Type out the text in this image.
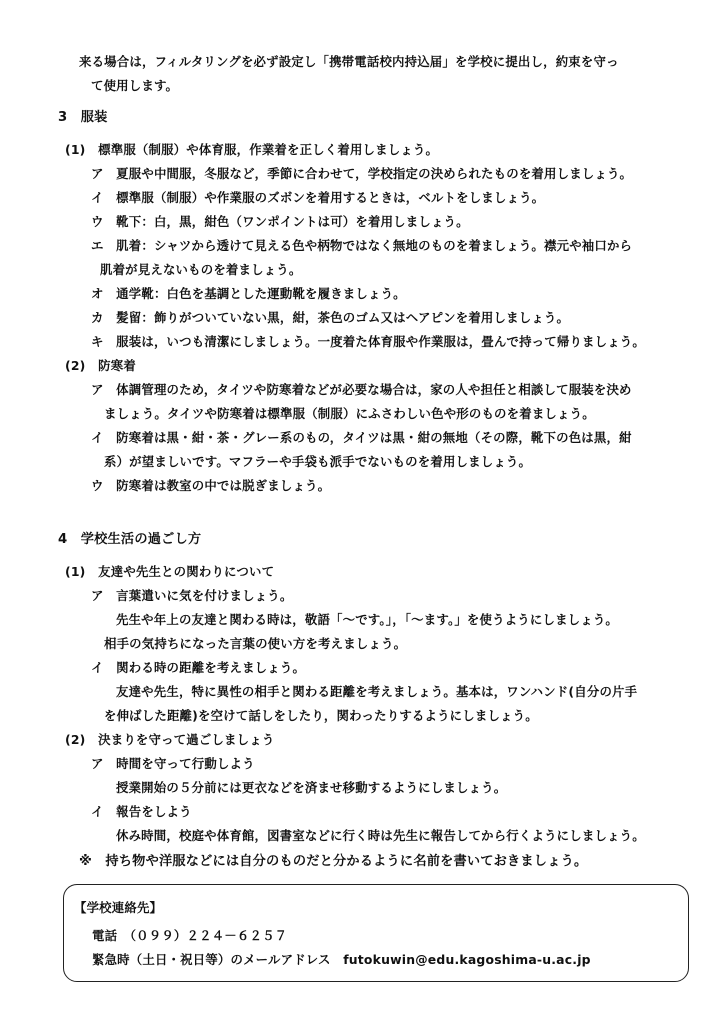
来る場合は，フィルタリングを必ず設定し「携帯電話校内持込届」を学校に提出し，約束を守っ
て使用します。
3　服装
(1)　標準服（制服）や体育服，作業着を正しく着用しましょう。
ア　夏服や中間服，冬服など，季節に合わせて，学校指定の決められたものを着用しましょう。
イ　標準服（制服）や作業服のズボンを着用するときは，ベルトをしましょう。
ウ　靴下：白，黒，紺色（ワンポイントは可）を着用しましょう。
エ　肌着：シャツから透けて見える色や柄物ではなく無地のものを着ましょう。襟元や袖口から
肌着が見えないものを着ましょう。
オ　通学靴：白色を基調とした運動靴を履きましょう。
カ　髪留：飾りがついていない黒，紺，茶色のゴム又はヘアピンを着用しましょう。
キ　服装は，いつも清潔にしましょう。一度着た体育服や作業服は，畳んで持って帰りましょう。
(2)　防寒着
ア　体調管理のため，タイツや防寒着などが必要な場合は，家の人や担任と相談して服装を決め
ましょう。タイツや防寒着は標準服（制服）にふさわしい色や形のものを着ましょう。
イ　防寒着は黒・紺・茶・グレー系のもの，タイツは黒・紺の無地（その際，靴下の色は黒，紺
系）が望ましいです。マフラーや手袋も派手でないものを着用しましょう。
ウ　防寒着は教室の中では脱ぎましょう。
4　学校生活の過ごし方
(1)　友達や先生との関わりについて
ア　言葉遣いに気を付けましょう。
先生や年上の友達と関わる時は，敬語「～です。」，「～ます。」を使うようにしましょう。
相手の気持ちになった言葉の使い方を考えましょう。
イ　関わる時の距離を考えましょう。
友達や先生，特に異性の相手と関わる距離を考えましょう。基本は，ワンハンド(自分の片手
を伸ばした距離)を空けて話しをしたり，関わったりするようにしましょう。
(2)　決まりを守って過ごしましょう
ア　時間を守って行動しよう
授業開始の５分前には更衣などを済ませ移動するようにしましょう。
イ　報告をしよう
休み時間，校庭や体育館，図書室などに行く時は先生に報告してから行くようにしましょう。
※　持ち物や洋服などには自分のものだと分かるように名前を書いておきましょう。
【学校連絡先】
電話　（０９９）２２４－６２５７
緊急時（土日・祝日等）のメールアドレス　futokuwin@edu.kagoshima-u.ac.jp
